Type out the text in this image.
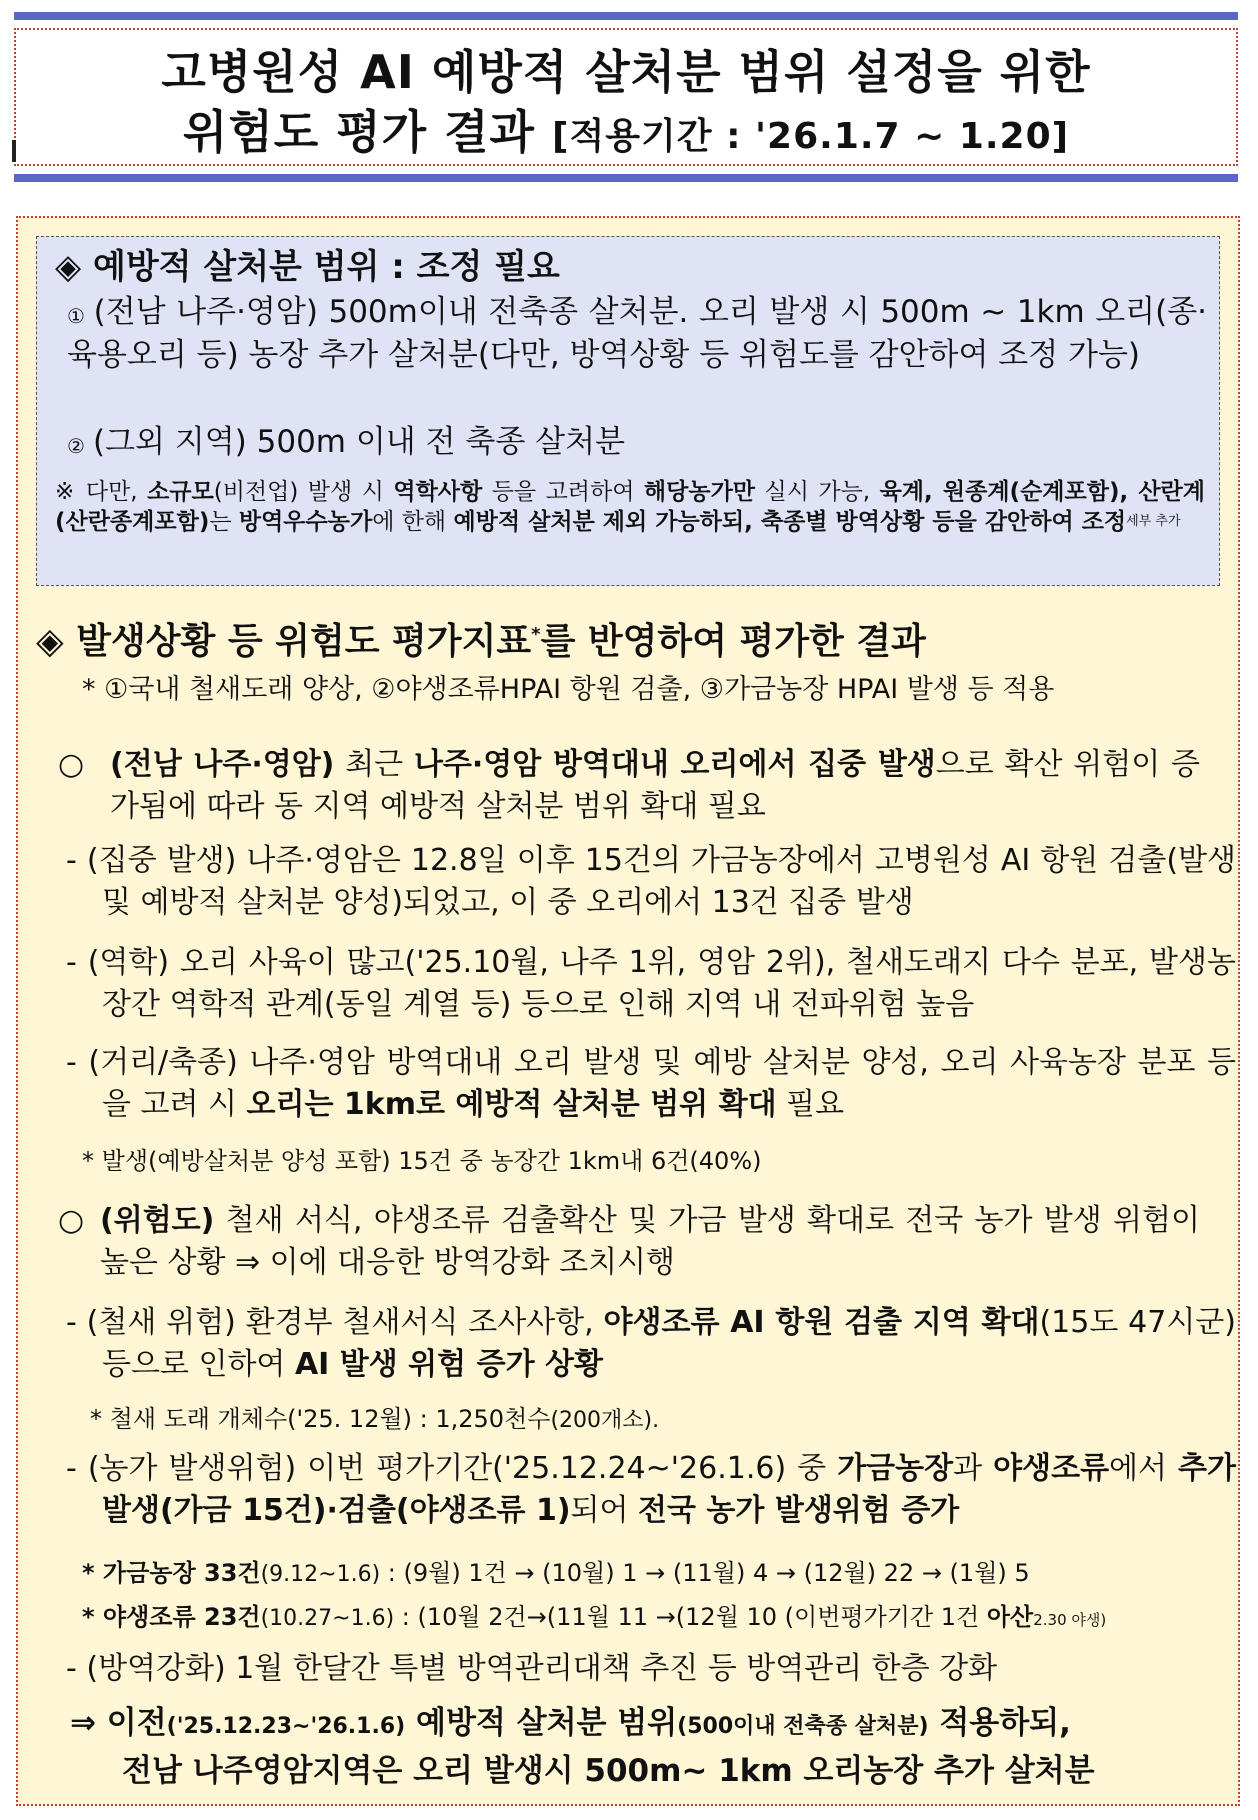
고병원성 AI 예방적 살처분 범위 설정을 위한
위험도 평가 결과 [적용기간 : '26.1.7 ~ 1.20]
◈ 예방적 살처분 범위 : 조정 필요
① (전남 나주·영암) 500m이내 전축종 살처분. 오리 발생 시 500m ~ 1km 오리(종·육용오리 등) 농장 추가 살처분(다만, 방역상황 등 위험도를 감안하여 조정 가능)
② (그외 지역) 500m 이내 전 축종 살처분
※ 다만, 소규모(비전업) 발생 시 역학사항 등을 고려하여 해당농가만 실시 가능, 육계, 원종계(순계포함), 산란계(산란종계포함)는 방역우수농가에 한해 예방적 살처분 제외 가능하되, 축종별 방역상황 등을 감안하여 조정$^{세부 추가}$
◈ 발생상황 등 위험도 평가지표*를 반영하여 평가한 결과
* ①국내 철새도래 양상, ②야생조류HPAI 항원 검출, ③가금농장 HPAI 발생 등 적용
○ (전남 나주·영암) 최근 나주·영암 방역대내 오리에서 집중 발생으로 확산 위험이 증가됨에 따라 동 지역 예방적 살처분 범위 확대 필요
- (집중 발생) 나주·영암은 12.8일 이후 15건의 가금농장에서 고병원성 AI 항원 검출(발생 및 예방적 살처분 양성)되었고, 이 중 오리에서 13건 집중 발생
- (역학) 오리 사육이 많고('25.10월, 나주 1위, 영암 2위), 철새도래지 다수 분포, 발생농장간 역학적 관계(동일 계열 등) 등으로 인해 지역 내 전파위험 높음
- (거리/축종) 나주·영암 방역대내 오리 발생 및 예방 살처분 양성, 오리 사육농장 분포 등을 고려 시 오리는 1km로 예방적 살처분 범위 확대 필요
* 발생(예방살처분 양성 포함) 15건 중 농장간 1km내 6건(40%)
○ (위험도) 철새 서식, 야생조류 검출확산 및 가금 발생 확대로 전국 농가 발생 위험이 높은 상황 ⇒ 이에 대응한 방역강화 조치시행
- (철새 위험) 환경부 철새서식 조사사항, 야생조류 AI 항원 검출 지역 확대(15도 47시군) 등으로 인하여 AI 발생 위험 증가 상황
* 철새 도래 개체수('25. 12월) : 1,250천수(200개소).
- (농가 발생위험) 이번 평가기간('25.12.24~'26.1.6) 중 가금농장과 야생조류에서 추가 발생(가금 15건)·검출(야생조류 1)되어 전국 농가 발생위험 증가
* 가금농장 33건(9.12~1.6) : (9월) 1건 → (10월) 1 → (11월) 4 → (12월) 22 → (1월) 5
* 야생조류 23건(10.27~1.6) : (10월 2건→(11월 11 →(12월 10 (이번평가기간 1건 아산2.30 야생)
- (방역강화) 1월 한달간 특별 방역관리대책 추진 등 방역관리 한층 강화
⇒ 이전('25.12.23~'26.1.6) 예방적 살처분 범위(500이내 전축종 살처분) 적용하되,
전남 나주영암지역은 오리 발생시 500m~ 1km 오리농장 추가 살처분
